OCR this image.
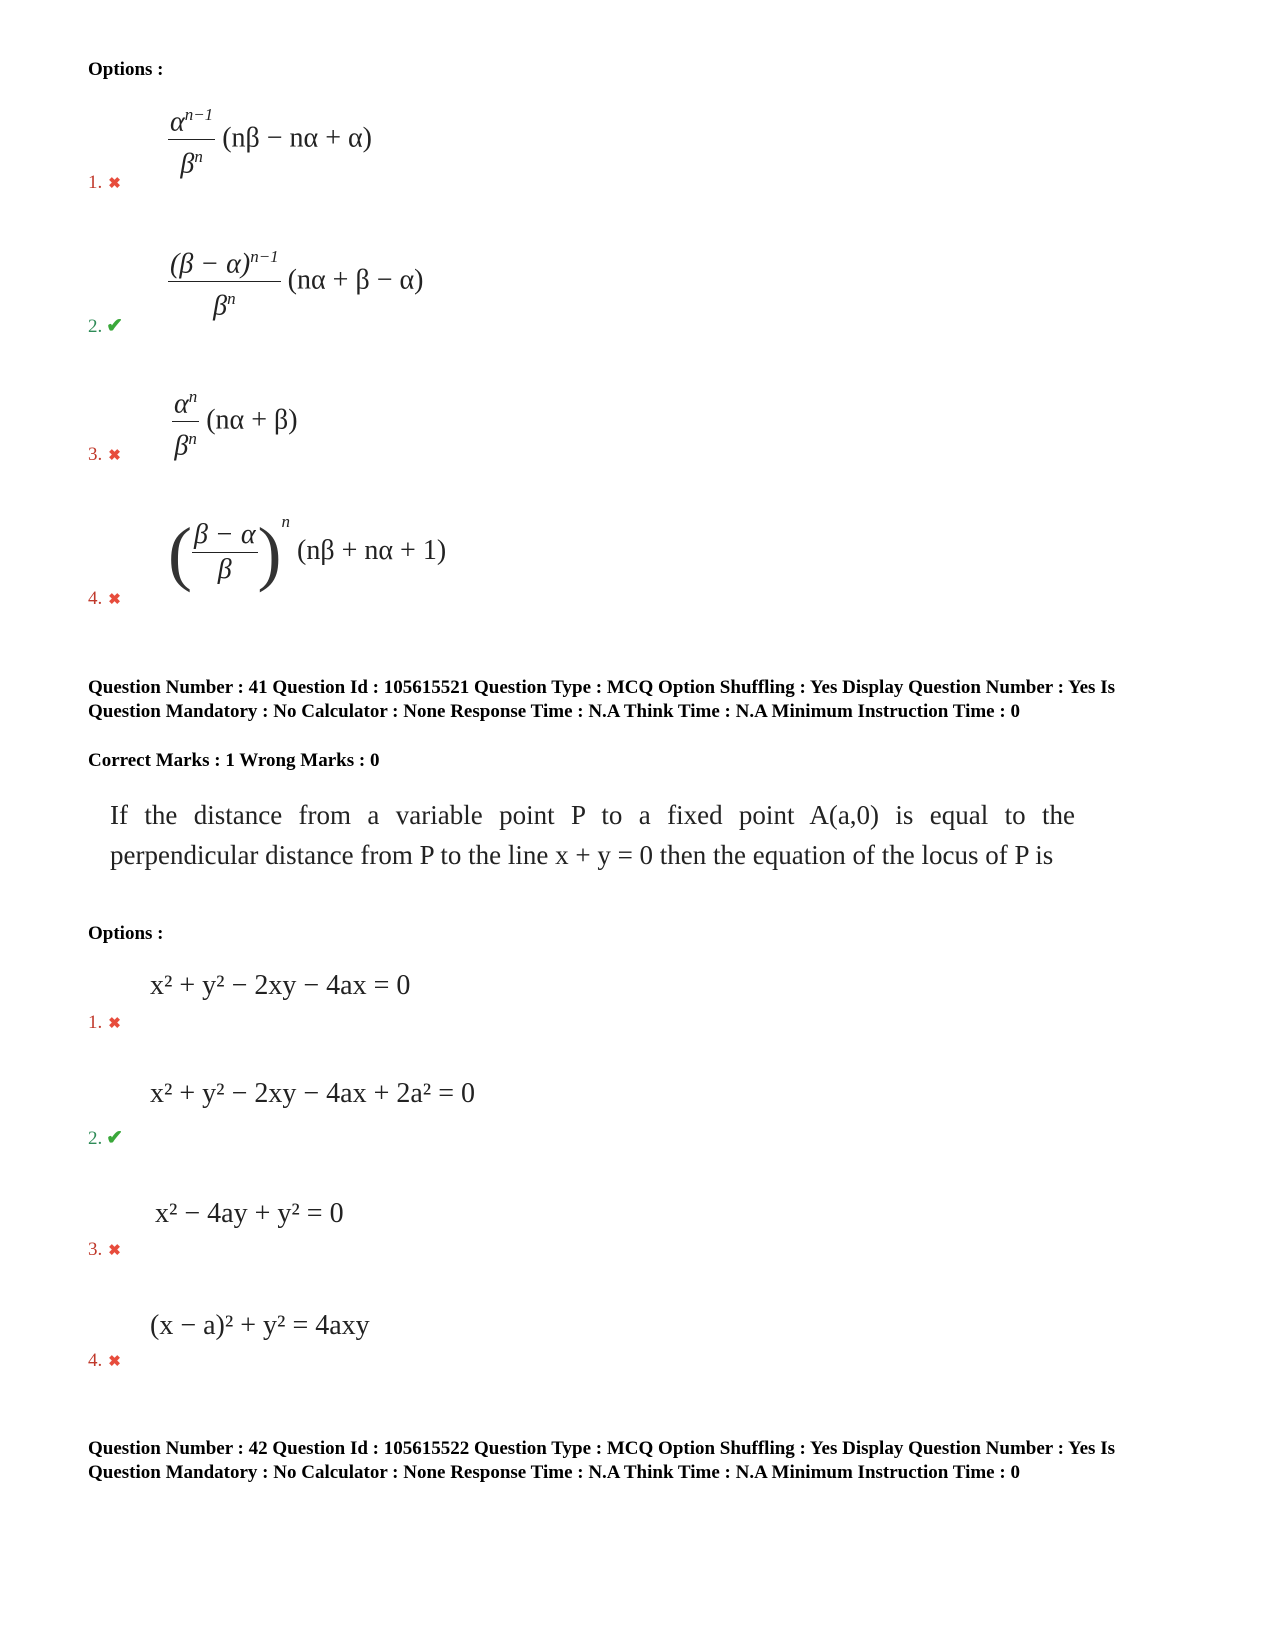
Options :
$\frac{\alpha^{n-1}}{\beta^n} (n\beta - n\alpha + \alpha)$
1. ✖
$\frac{(\beta - \alpha)^{n-1}}{\beta^n} (n\alpha + \beta - \alpha)$
2. ✔
$\frac{\alpha^n}{\beta^n} (n\alpha + \beta)$
3. ✖
( $\frac{\beta - \alpha}{\beta} )^n$ (nβ + nα + 1)
4. ✖
Question Number : 41 Question Id : 105615521 Question Type : MCQ Option Shuffling : Yes Display Question Number : Yes Is Question Mandatory : No Calculator : None Response Time : N.A Think Time : N.A Minimum Instruction Time : 0
Correct Marks : 1 Wrong Marks : 0
If the distance from a variable point P to a fixed point A(a,0) is equal to the perpendicular distance from P to the line x + y = 0 then the equation of the locus of P is
Options :
x² + y² − 2xy − 4ax = 0
1. ✖
x² + y² − 2xy − 4ax + 2a² = 0
2. ✔
x² − 4ay + y² = 0
3. ✖
(x − a)² + y² = 4axy
4. ✖
Question Number : 42 Question Id : 105615522 Question Type : MCQ Option Shuffling : Yes Display Question Number : Yes Is Question Mandatory : No Calculator : None Response Time : N.A Think Time : N.A Minimum Instruction Time : 0
